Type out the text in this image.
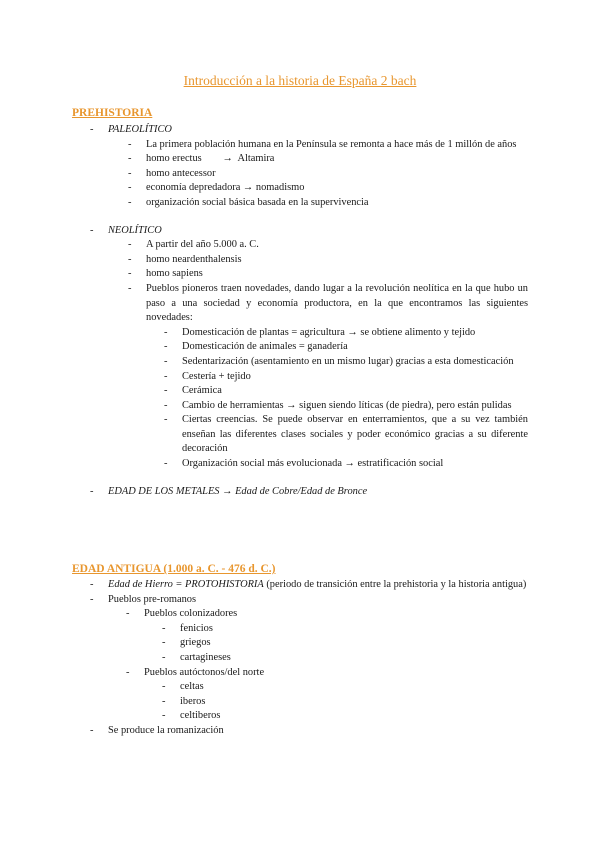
Introducción a la historia de España 2 bach
PREHISTORIA
- PALEOLÍTICO
- La primera población humana en la Península se remonta a hace más de 1 millón de años
- homo erectus        →  Altamira
- homo antecessor
- economía depredadora → nomadismo
- organización social básica basada en la supervivencia
- NEOLÍTICO
- A partir del año 5.000 a. C.
- homo neardenthalensis
- homo sapiens
- Pueblos pioneros traen novedades, dando lugar a la revolución neolítica en la que hubo un paso a una sociedad y economía productora, en la que encontramos las siguientes novedades:
- Domesticación de plantas = agricultura → se obtiene alimento y tejido
- Domesticación de animales = ganadería
- Sedentarización (asentamiento en un mismo lugar) gracias a esta domesticación
- Cestería + tejido
- Cerámica
- Cambio de herramientas → siguen siendo líticas (de piedra), pero están pulidas
- Ciertas creencias. Se puede observar en enterramientos, que a su vez también enseñan las diferentes clases sociales y poder económico gracias a su diferente decoración
- Organización social más evolucionada → estratificación social
- EDAD DE LOS METALES → Edad de Cobre/Edad de Bronce
EDAD ANTIGUA (1.000 a. C. - 476 d. C.)
- Edad de Hierro = PROTOHISTORIA (periodo de transición entre la prehistoria y la historia antigua)
- Pueblos pre-romanos
- Pueblos colonizadores
- fenicios
- griegos
- cartagineses
- Pueblos autóctonos/del norte
- celtas
- iberos
- celtiberos
- Se produce la romanización
